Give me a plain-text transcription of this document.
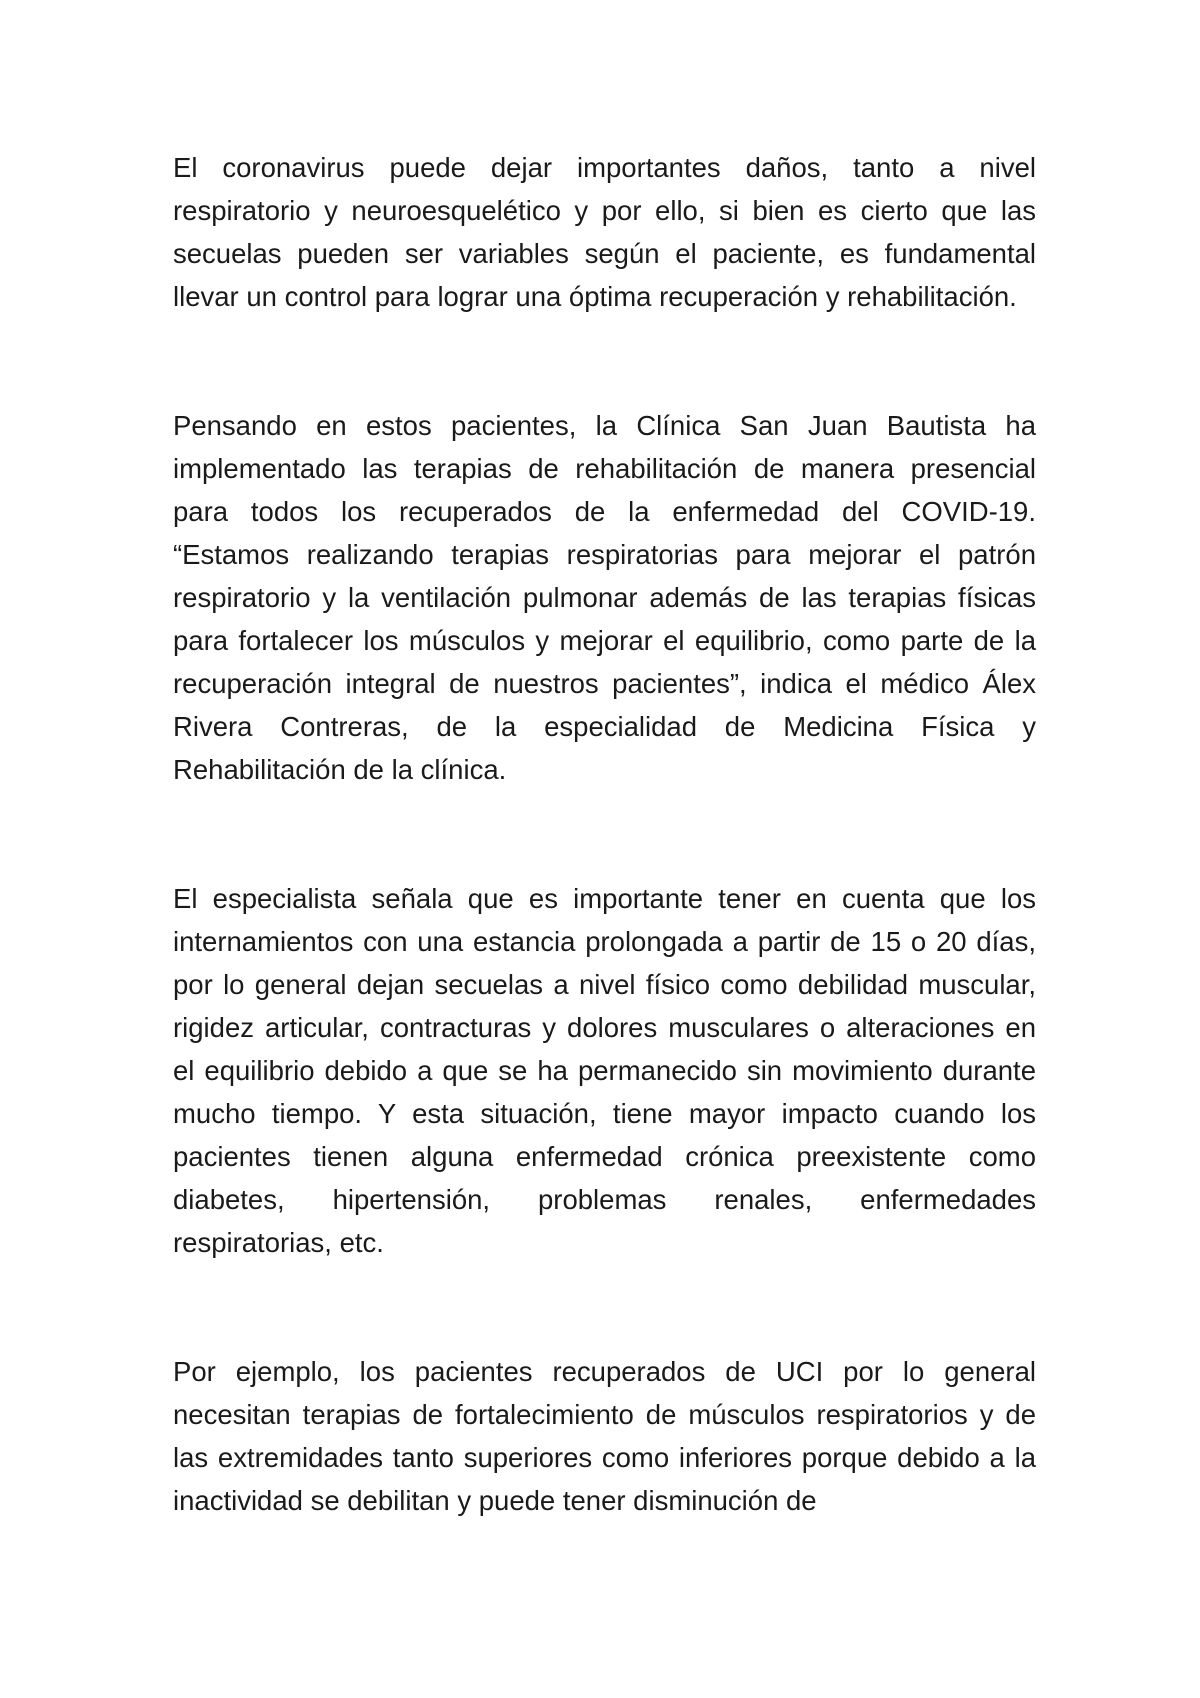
El coronavirus puede dejar importantes daños, tanto a nivel respiratorio y neuroesquelético y por ello, si bien es cierto que las secuelas pueden ser variables según el paciente, es fundamental llevar un control para lograr una óptima recuperación y rehabilitación.

Pensando en estos pacientes, la Clínica San Juan Bautista ha implementado las terapias de rehabilitación de manera presencial para todos los recuperados de la enfermedad del COVID-19. “Estamos realizando terapias respiratorias para mejorar el patrón respiratorio y la ventilación pulmonar además de las terapias físicas para fortalecer los músculos y mejorar el equilibrio, como parte de la recuperación integral de nuestros pacientes”, indica el médico Álex Rivera Contreras, de la especialidad de Medicina Física y Rehabilitación de la clínica.

El especialista señala que es importante tener en cuenta que los internamientos con una estancia prolongada a partir de 15 o 20 días, por lo general dejan secuelas a nivel físico como debilidad muscular, rigidez articular, contracturas y dolores musculares o alteraciones en el equilibrio debido a que se ha permanecido sin movimiento durante mucho tiempo. Y esta situación, tiene mayor impacto cuando los pacientes tienen alguna enfermedad crónica preexistente como diabetes, hipertensión, problemas renales, enfermedades respiratorias, etc.

Por ejemplo, los pacientes recuperados de UCI por lo general necesitan terapias de fortalecimiento de músculos respiratorios y de las extremidades tanto superiores como inferiores porque debido a la inactividad se debilitan y puede tener disminución de
